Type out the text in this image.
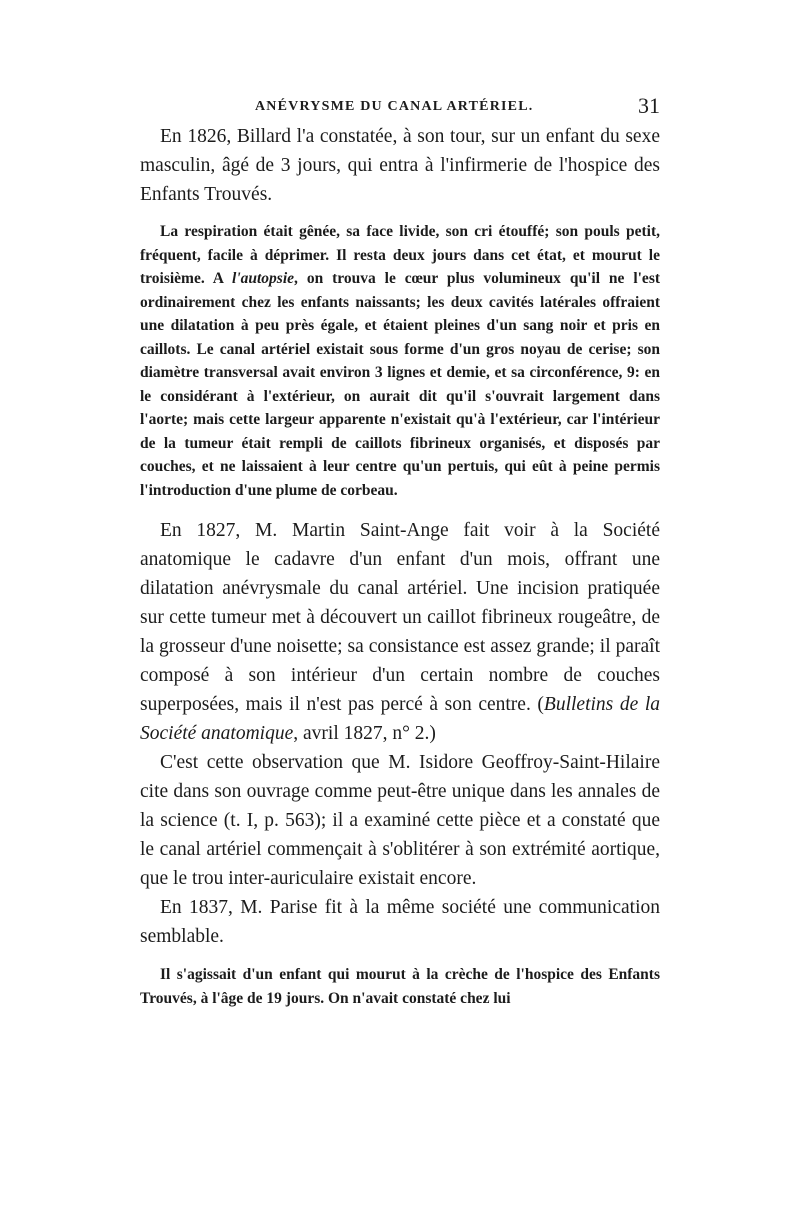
ANÉVRYSME DU CANAL ARTÉRIEL.	31

En 1826, Billard l'a constatée, à son tour, sur un enfant du sexe masculin, âgé de 3 jours, qui entra à l'infirmerie de l'hospice des Enfants Trouvés.

La respiration était gênée, sa face livide, son cri étouffé; son pouls petit, fréquent, facile à déprimer. Il resta deux jours dans cet état, et mourut le troisième. A l'autopsie, on trouva le cœur plus volumineux qu'il ne l'est ordinairement chez les enfants naissants; les deux cavités latérales offraient une dilatation à peu près égale, et étaient pleines d'un sang noir et pris en caillots. Le canal artériel existait sous forme d'un gros noyau de cerise; son diamètre transversal avait environ 3 lignes et demie, et sa circonférence, 9: en le considérant à l'extérieur, on aurait dit qu'il s'ouvrait largement dans l'aorte; mais cette largeur apparente n'existait qu'à l'extérieur, car l'intérieur de la tumeur était rempli de caillots fibrineux organisés, et disposés par couches, et ne laissaient à leur centre qu'un pertuis, qui eût à peine permis l'introduction d'une plume de corbeau.

En 1827, M. Martin Saint-Ange fait voir à la Société anatomique le cadavre d'un enfant d'un mois, offrant une dilatation anévrysmale du canal artériel. Une incision pratiquée sur cette tumeur met à découvert un caillot fibrineux rougeâtre, de la grosseur d'une noisette; sa consistance est assez grande; il paraît composé à son intérieur d'un certain nombre de couches superposées, mais il n'est pas percé à son centre. (Bulletins de la Société anatomique, avril 1827, n° 2.)

C'est cette observation que M. Isidore Geoffroy-Saint-Hilaire cite dans son ouvrage comme peut-être unique dans les annales de la science (t. I, p. 563); il a examiné cette pièce et a constaté que le canal artériel commençait à s'oblitérer à son extrémité aortique, que le trou inter-auriculaire existait encore.

En 1837, M. Parise fit à la même société une communication semblable.

Il s'agissait d'un enfant qui mourut à la crèche de l'hospice des Enfants Trouvés, à l'âge de 19 jours. On n'avait constaté chez lui
